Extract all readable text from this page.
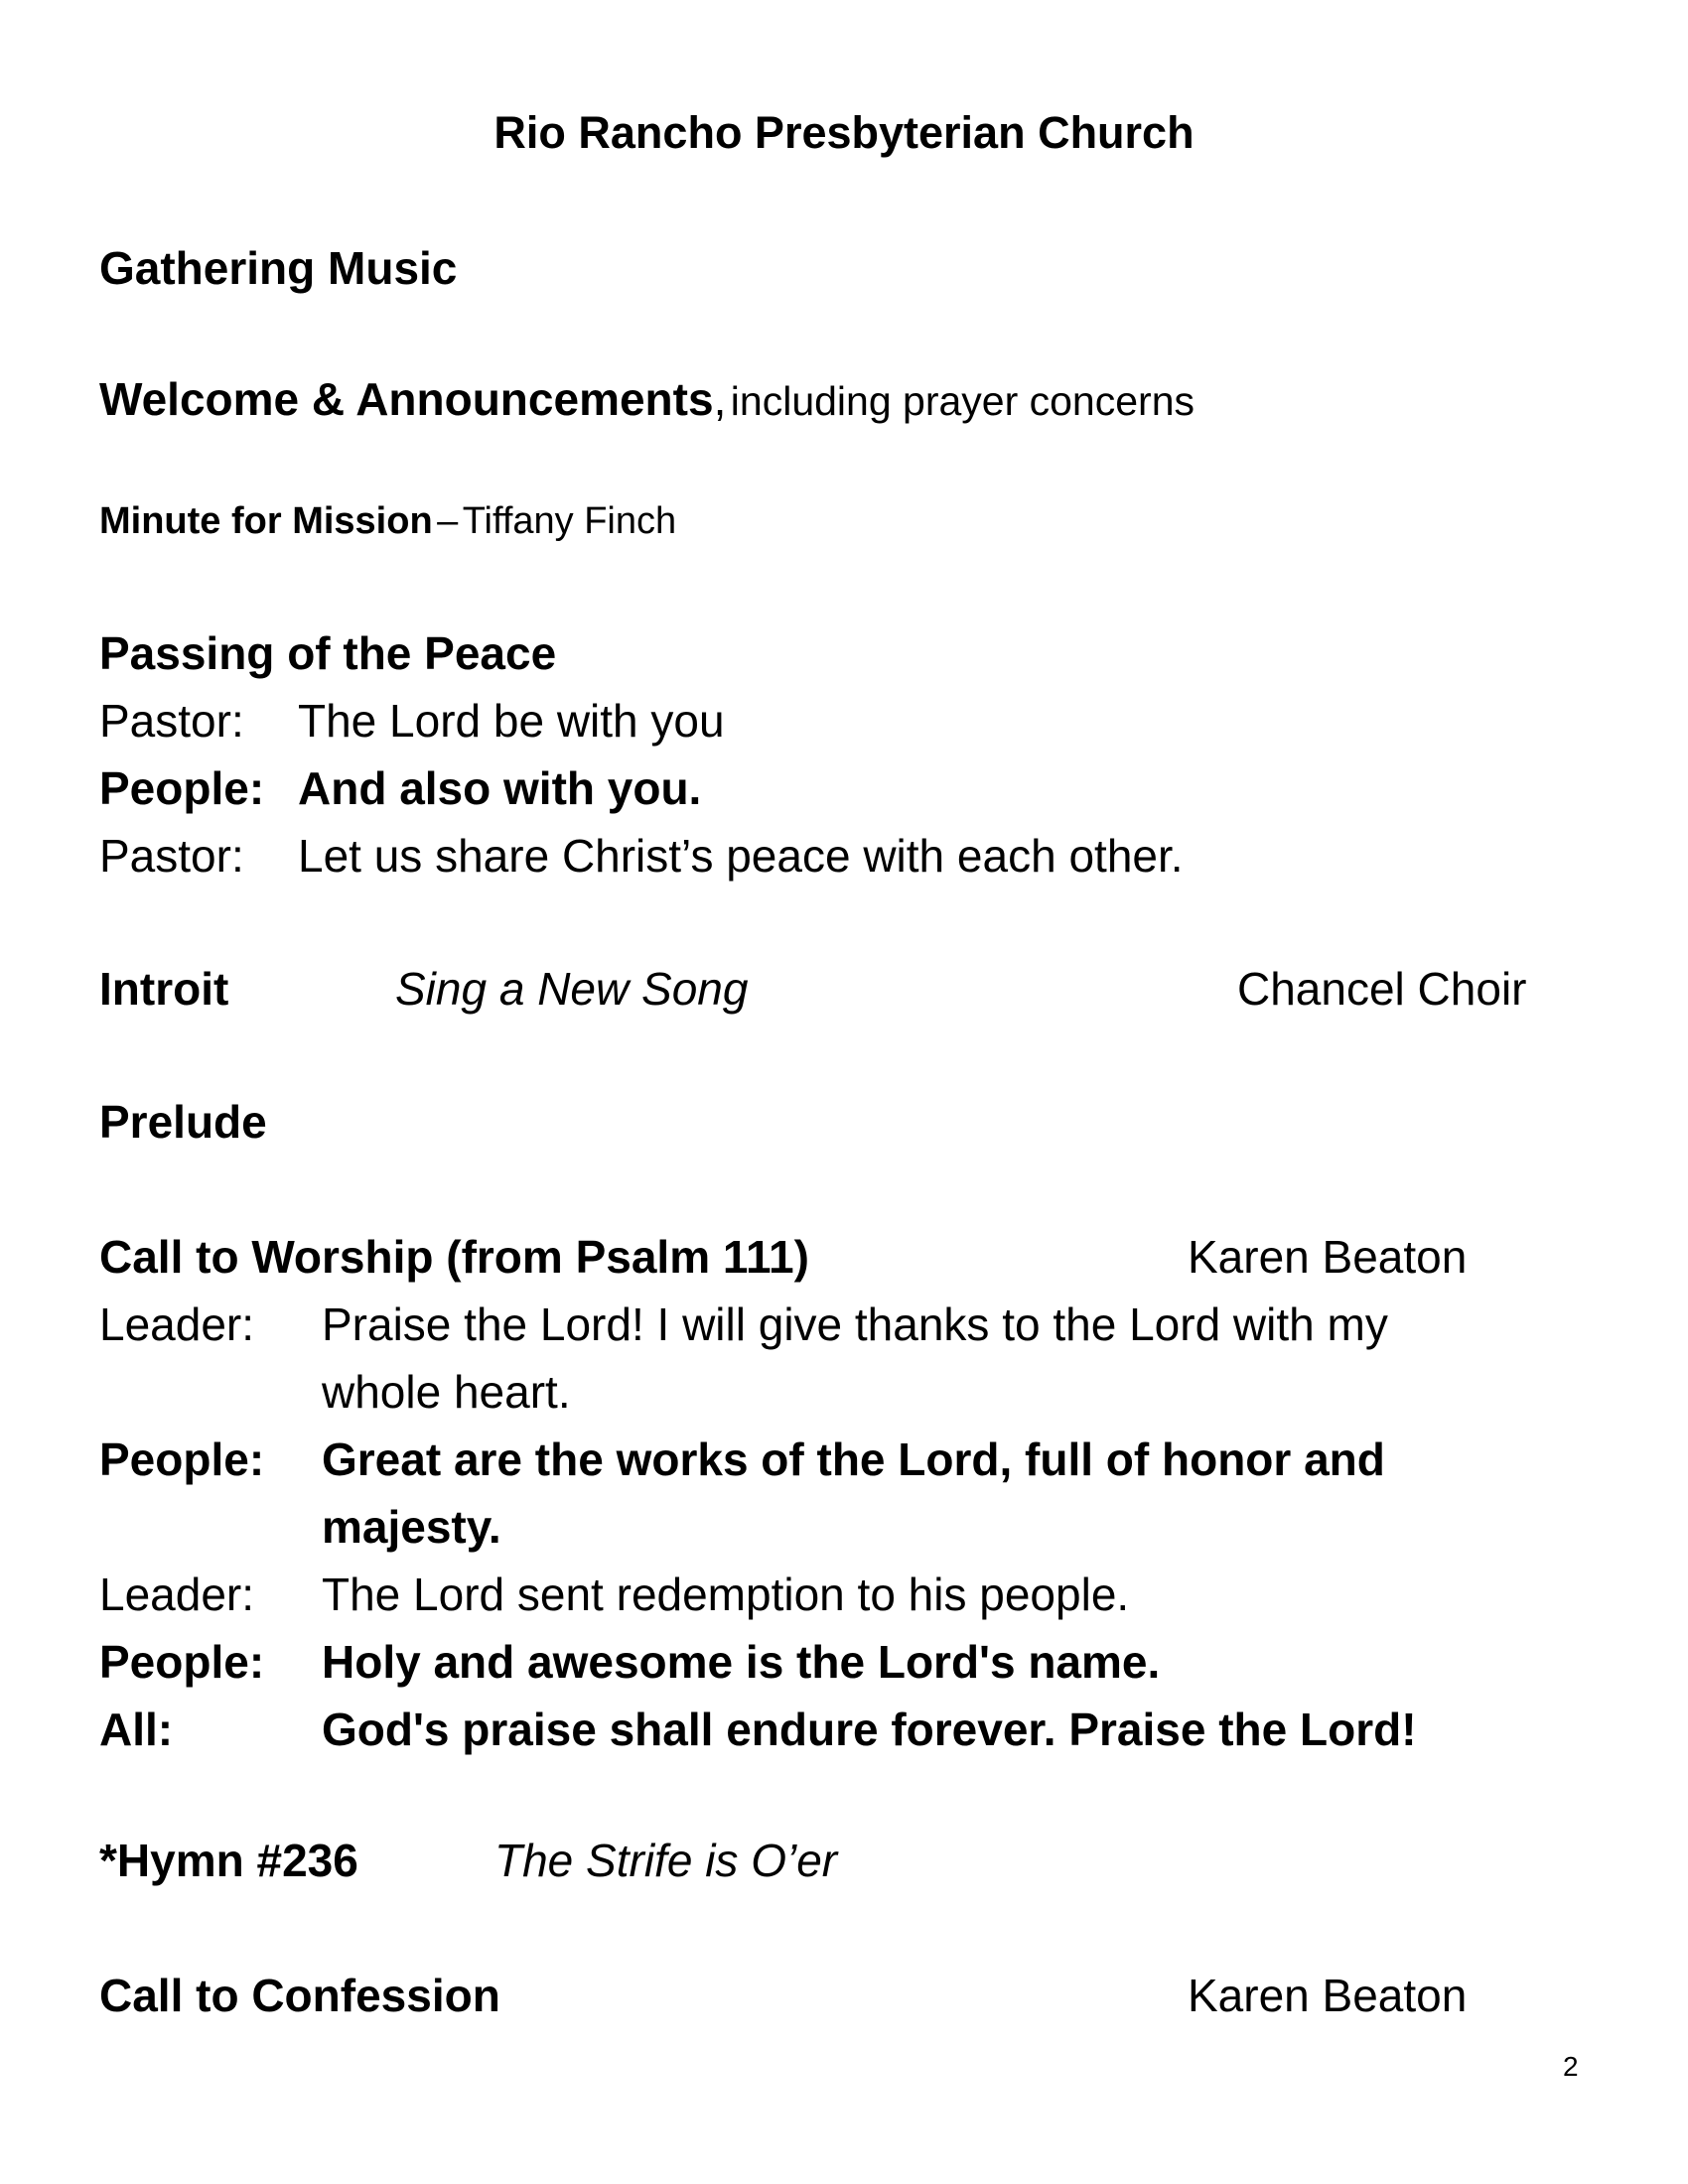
Rio Rancho Presbyterian Church
Gathering Music
Welcome & Announcements, including prayer concerns
Minute for Mission – Tiffany Finch
Passing of the Peace
Pastor: The Lord be with you
People: And also with you.
Pastor: Let us share Christ’s peace with each other.
Introit	Sing a New Song	Chancel Choir
Prelude
Call to Worship (from Psalm 111)	Karen Beaton
Leader: Praise the Lord! I will give thanks to the Lord with my
whole heart.
People: Great are the works of the Lord, full of honor and
majesty.
Leader: The Lord sent redemption to his people.
People: Holy and awesome is the Lord's name.
All:	God's praise shall endure forever. Praise the Lord!
*Hymn #236	The Strife is O’er
Call to Confession	Karen Beaton
2
